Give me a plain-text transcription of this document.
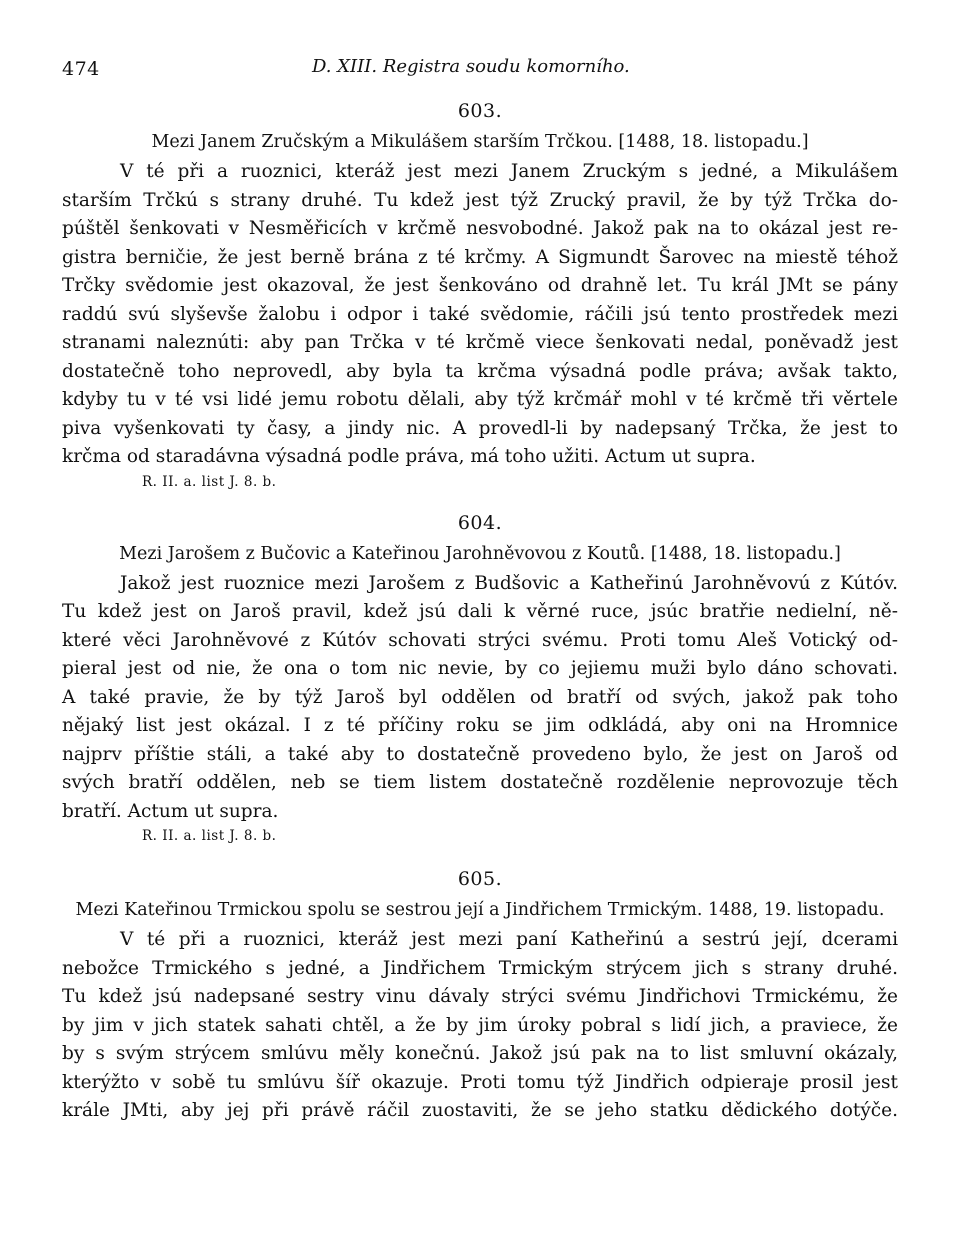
474	D. XIII. Registra soudu komorního.
603.
Mezi Janem Zručským a Mikulášem starším Trčkou. [1488, 18. listopadu.]
V té při a ruoznici, kteráž jest mezi Janem Zruckým s jedné, a Mikulášem
starším Trčkú s strany druhé. Tu kdež jest týž Zrucký pravil, že by týž Trčka do-
púštěl šenkovati v Nesměřicích v krčmě nesvobodné. Jakož pak na to okázal jest re-
gistra berničie, že jest berně brána z té krčmy. A Sigmundt Šarovec na miestě téhož
Trčky svědomie jest okazoval, že jest šenkováno od drahně let. Tu král JMt se pány
raddú svú slyševše žalobu i odpor i také svědomie, ráčili jsú tento prostředek mezi
stranami naleznúti: aby pan Trčka v té krčmě viece šenkovati nedal, poněvadž jest
dostatečně toho neprovedl, aby byla ta krčma výsadná podle práva; avšak takto,
kdyby tu v té vsi lidé jemu robotu dělali, aby týž krčmář mohl v té krčmě tři věrtele
piva vyšenkovati ty časy, a jindy nic. A provedl-li by nadepsaný Trčka, že jest to
krčma od staradávna výsadná podle práva, má toho užiti. Actum ut supra.
R. II. a. list J. 8. b.
604.
Mezi Jarošem z Bučovic a Kateřinou Jarohněvovou z Koutů. [1488, 18. listopadu.]
Jakož jest ruoznice mezi Jarošem z Budšovic a Katheřinú Jarohněvovú z Kútóv.
Tu kdež jest on Jaroš pravil, kdež jsú dali k věrné ruce, jsúc bratřie nedielní, ně-
které věci Jarohněvové z Kútóv schovati strýci svému. Proti tomu Aleš Votický od-
pieral jest od nie, že ona o tom nic nevie, by co jejiemu muži bylo dáno schovati.
A také pravie, že by týž Jaroš byl oddělen od bratří od svých, jakož pak toho
nějaký list jest okázal. I z té příčiny roku se jim odkládá, aby oni na Hromnice
najprv příštie stáli, a také aby to dostatečně provedeno bylo, že jest on Jaroš od
svých bratří oddělen, neb se tiem listem dostatečně rozdělenie neprovozuje těch
bratří. Actum ut supra.
R. II. a. list J. 8. b.
605.
Mezi Kateřinou Trmickou spolu se sestrou její a Jindřichem Trmickým. 1488, 19. listopadu.
V té při a ruoznici, kteráž jest mezi paní Katheřinú a sestrú její, dcerami
nebožce Trmického s jedné, a Jindřichem Trmickým strýcem jich s strany druhé.
Tu kdež jsú nadepsané sestry vinu dávaly strýci svému Jindřichovi Trmickému, že
by jim v jich statek sahati chtěl, a že by jim úroky pobral s lidí jich, a praviece, že
by s svým strýcem smlúvu měly konečnú. Jakož jsú pak na to list smluvní okázaly,
kterýžto v sobě tu smlúvu šíř okazuje. Proti tomu týž Jindřich odpieraje prosil jest
krále JMti, aby jej při právě ráčil zuostaviti, že se jeho statku dědického dotýče.
